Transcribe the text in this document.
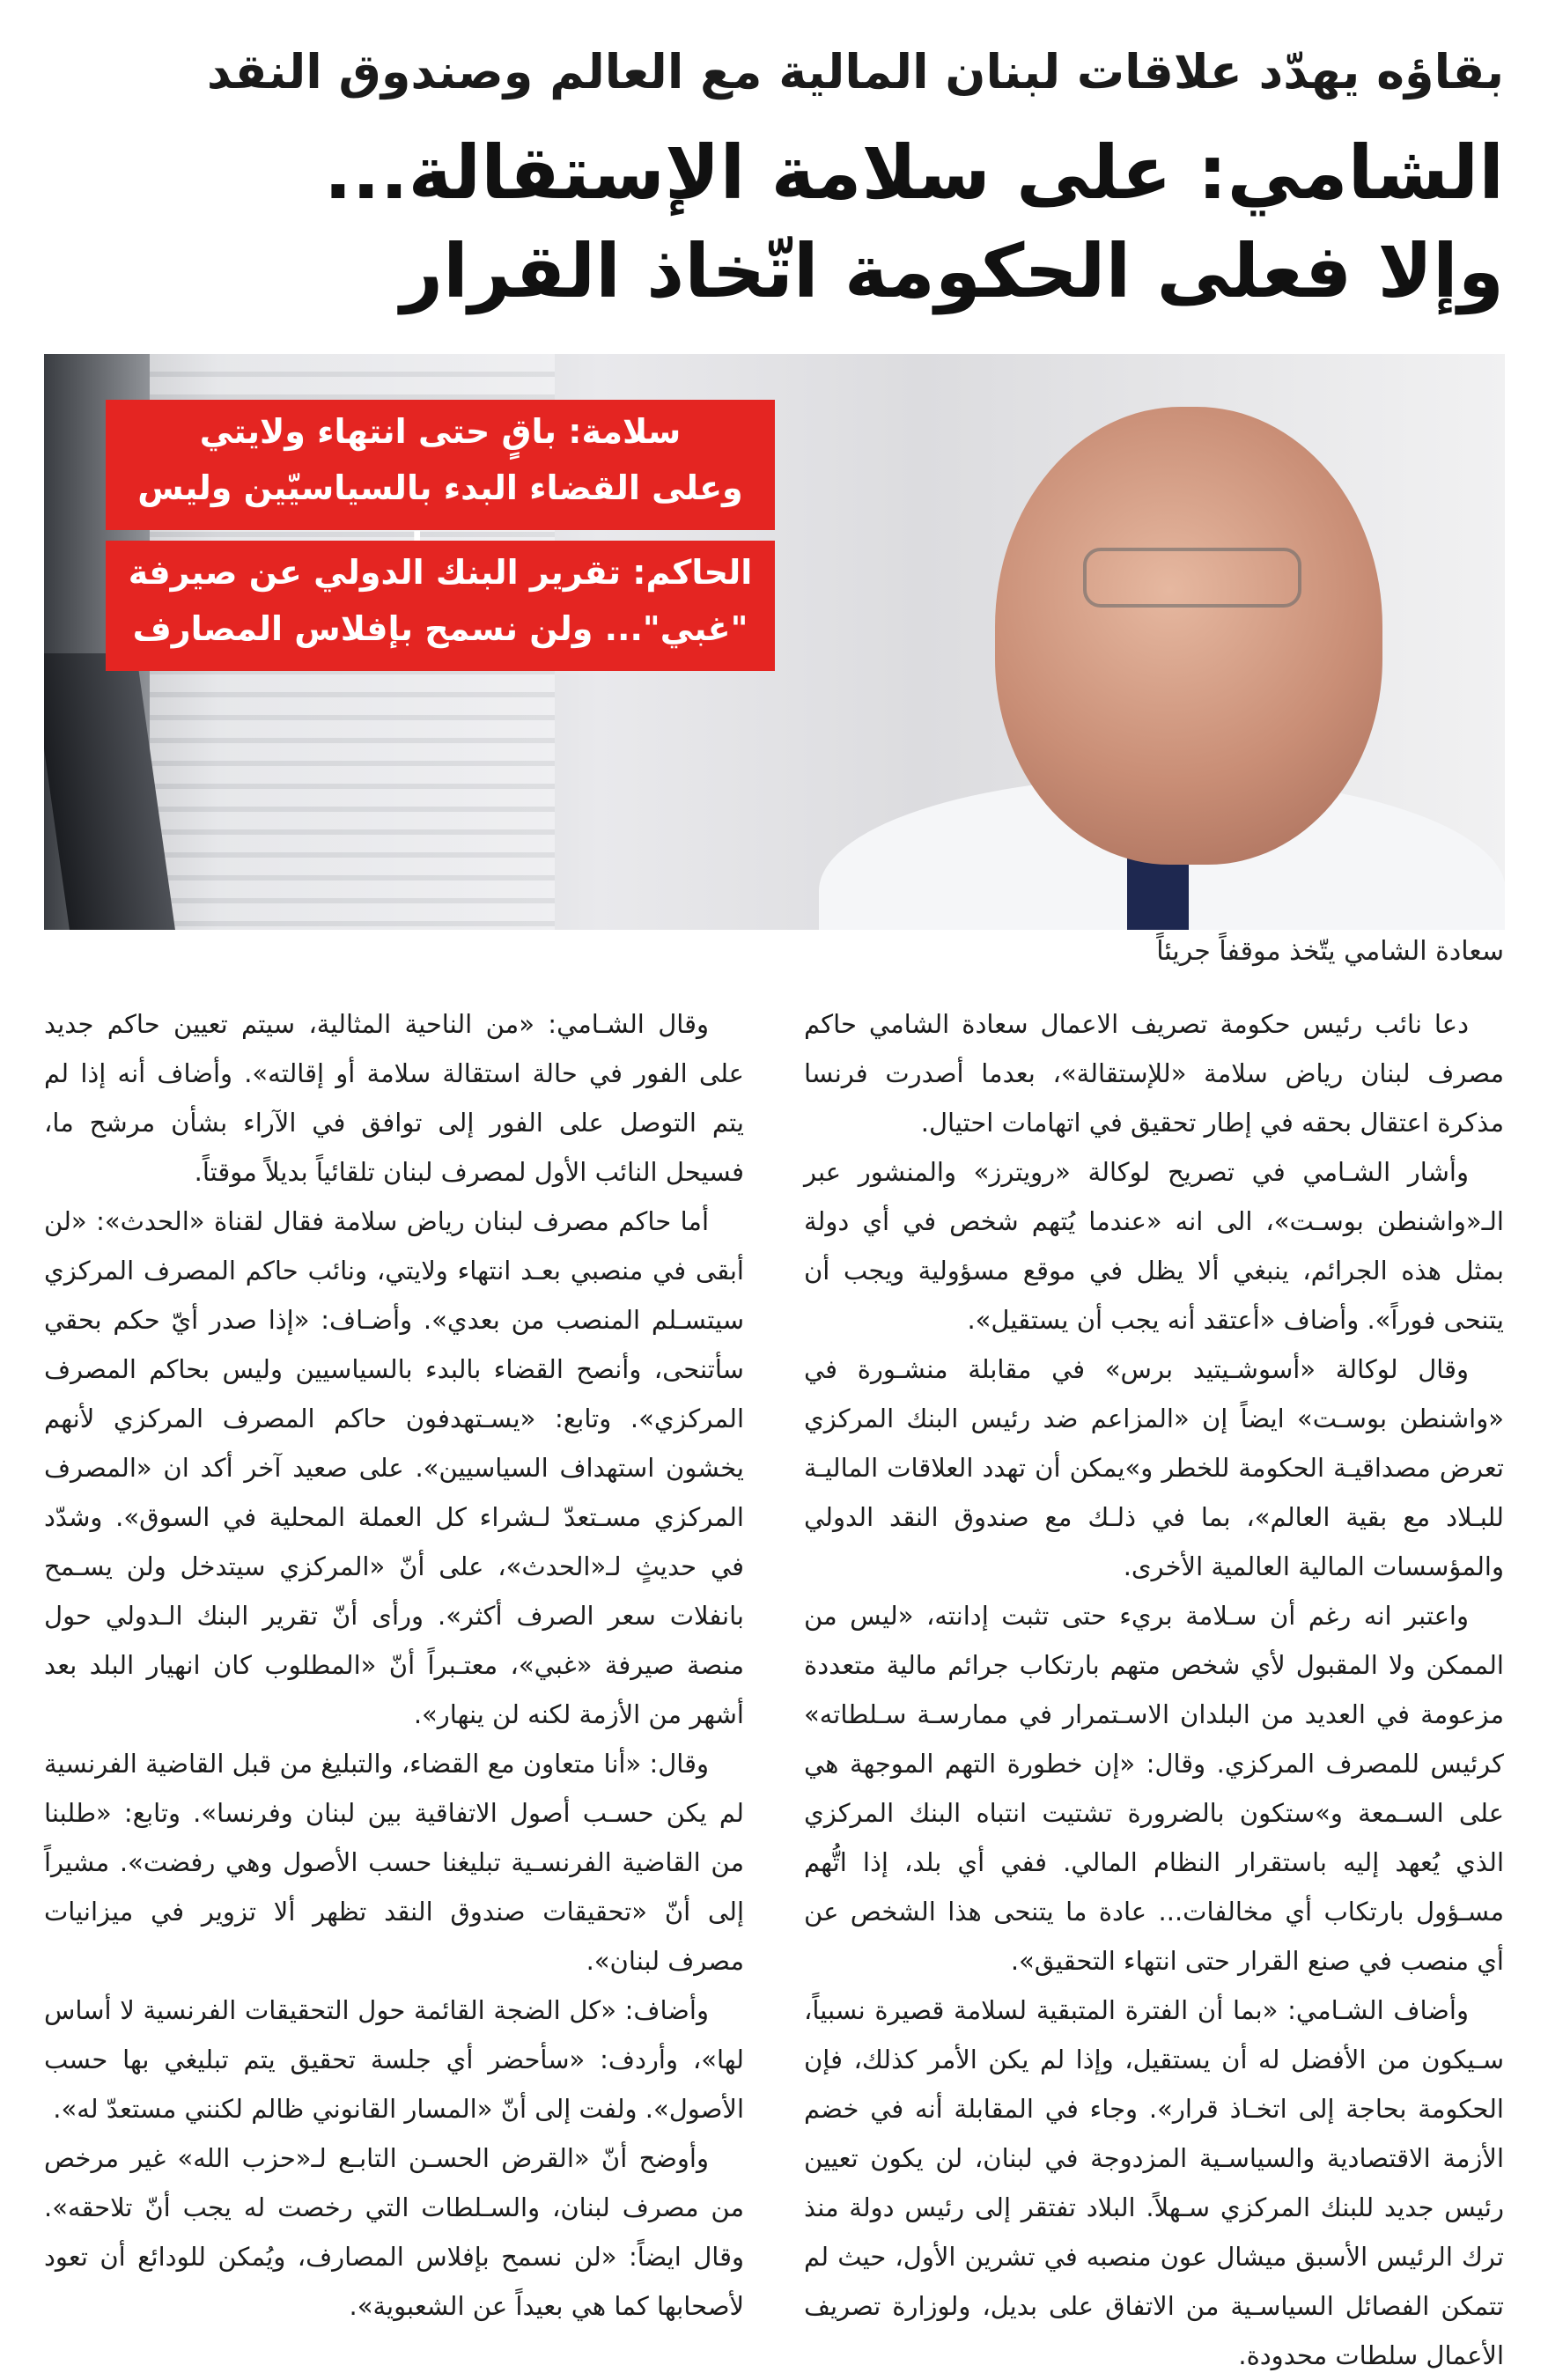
بقاؤه يهدّد علاقات لبنان المالية مع العالم وصندوق النقد
الشامي: على سلامة الإستقالة...
وإلا فعلى الحكومة اتّخاذ القرار
سلامة: باقٍ حتى انتهاء ولايتي
وعلى القضاء البدء بالسياسيّين وليس
الحاكم: تقرير البنك الدولي عن صيرفة
"غبي"... ولن نسمح بإفلاس المصارف
سعادة الشامي يتّخذ موقفاً جريئاً

دعا نائب رئيس حكومة تصريف الاعمال سعادة الشامي حاكم مصرف لبنان رياض سلامة «للإستقالة»، بعدما أصدرت فرنسا مذكرة اعتقال بحقه في إطار تحقيق في اتهامات احتيال.

وأشار الشـامي في تصريح لوكالة «رويترز» والمنشور عبر الـ«واشنطن بوسـت»، الى انه «عندما يُتهم شخص في أي دولة بمثل هذه الجرائم، ينبغي ألا يظل في موقع مسؤولية ويجب أن يتنحى فوراً». وأضاف «أعتقد أنه يجب أن يستقيل».

وقال لوكالة «أسوشـيتيد برس» في مقابلة منشـورة في «واشنطن بوسـت» ايضاً إن «المزاعم ضد رئيس البنك المركزي تعرض مصداقيـة الحكومة للخطر و»يمكن أن تهدد العلاقات الماليـة للبـلاد مع بقية العالم»، بما في ذلـك مع صندوق النقد الدولي والمؤسسات المالية العالمية الأخرى.

واعتبر انه رغم أن سـلامة بريء حتى تثبت إدانته، «ليس من الممكن ولا المقبول لأي شخص متهم بارتكاب جرائم مالية متعددة مزعومة في العديد من البلدان الاسـتمرار في ممارسـة سـلطاته» كرئيس للمصرف المركزي. وقال: «إن خطورة التهم الموجهة هي على السـمعة و»ستكون بالضرورة تشتيت انتباه البنك المركزي الذي يُعهد إليه باستقرار النظام المالي. ففي أي بلد، إذا اتُّهم مسـؤول بارتكاب أي مخالفات... عادة ما يتنحى هذا الشخص عن أي منصب في صنع القرار حتى انتهاء التحقيق».

وأضاف الشـامي: «بما أن الفترة المتبقية لسلامة قصيرة نسبياً، سـيكون من الأفضل له أن يستقيل، وإذا لم يكن الأمر كذلك، فإن الحكومة بحاجة إلى اتخـاذ قرار». وجاء في المقابلة أنه في خضم الأزمة الاقتصادية والسياسـية المزدوجة في لبنان، لن يكون تعيين رئيس جديد للبنك المركزي سـهلاً. البلاد تفتقر إلى رئيس دولة منذ ترك الرئيس الأسبق ميشال عون منصبه في تشرين الأول، حيث لم تتمكن الفصائل السياسـية من الاتفاق على بديل، ولوزارة تصريف الأعمال سلطات محدودة.

وقال الشـامي: «من الناحية المثالية، سيتم تعيين حاكم جديد على الفور في حالة استقالة سلامة أو إقالته». وأضاف أنه إذا لم يتم التوصل على الفور إلى توافق في الآراء بشأن مرشح ما، فسيحل النائب الأول لمصرف لبنان تلقائياً بديلاً موقتاً.

أما حاكم مصرف لبنان رياض سلامة فقال لقناة «الحدث»: «لن أبقى في منصبي بعـد انتهاء ولايتي، ونائب حاكم المصرف المركزي سيتسـلم المنصب من بعدي». وأضـاف: «إذا صدر أيّ حكم بحقي سأتنحى، وأنصح القضاء بالبدء بالسياسيين وليس بحاكم المصرف المركزي». وتابع: «يسـتهدفون حاكم المصرف المركزي لأنهم يخشون استهداف السياسيين». على صعيد آخر أكد ان «المصرف المركزي مسـتعدّ لـشراء كل العملة المحلية في السوق». وشدّد في حديثٍ لـ«الحدث»، على أنّ «المركزي سيتدخل ولن يسـمح بانفلات سعر الصرف أكثر». ورأى أنّ تقرير البنك الـدولي حول منصة صيرفة «غبي»، معتـبراً أنّ «المطلوب كان انهيار البلد بعد أشهر من الأزمة لكنه لن ينهار».

وقال: «أنا متعاون مع القضاء، والتبليغ من قبل القاضية الفرنسية لم يكن حسـب أصول الاتفاقية بين لبنان وفرنسا». وتابع: «طلبنا من القاضية الفرنسـية تبليغنا حسب الأصول وهي رفضت». مشيراً إلى أنّ «تحقيقات صندوق النقد تظهر ألا تزوير في ميزانيات مصرف لبنان».

وأضاف: «كل الضجة القائمة حول التحقيقات الفرنسية لا أساس لها»، وأردف: «سأحضر أي جلسة تحقيق يتم تبليغي بها حسب الأصول». ولفت إلى أنّ «المسار القانوني ظالم لكنني مستعدّ له».

وأوضح أنّ «القرض الحسـن التابـع لـ«حزب الله» غير مرخص من مصرف لبنان، والسـلطات التي رخصت له يجب أنّ تلاحقه». وقال ايضاً: «لن نسمح بإفلاس المصارف، ويُمكن للودائع أن تعود لأصحابها كما هي بعيداً عن الشعبوية».
